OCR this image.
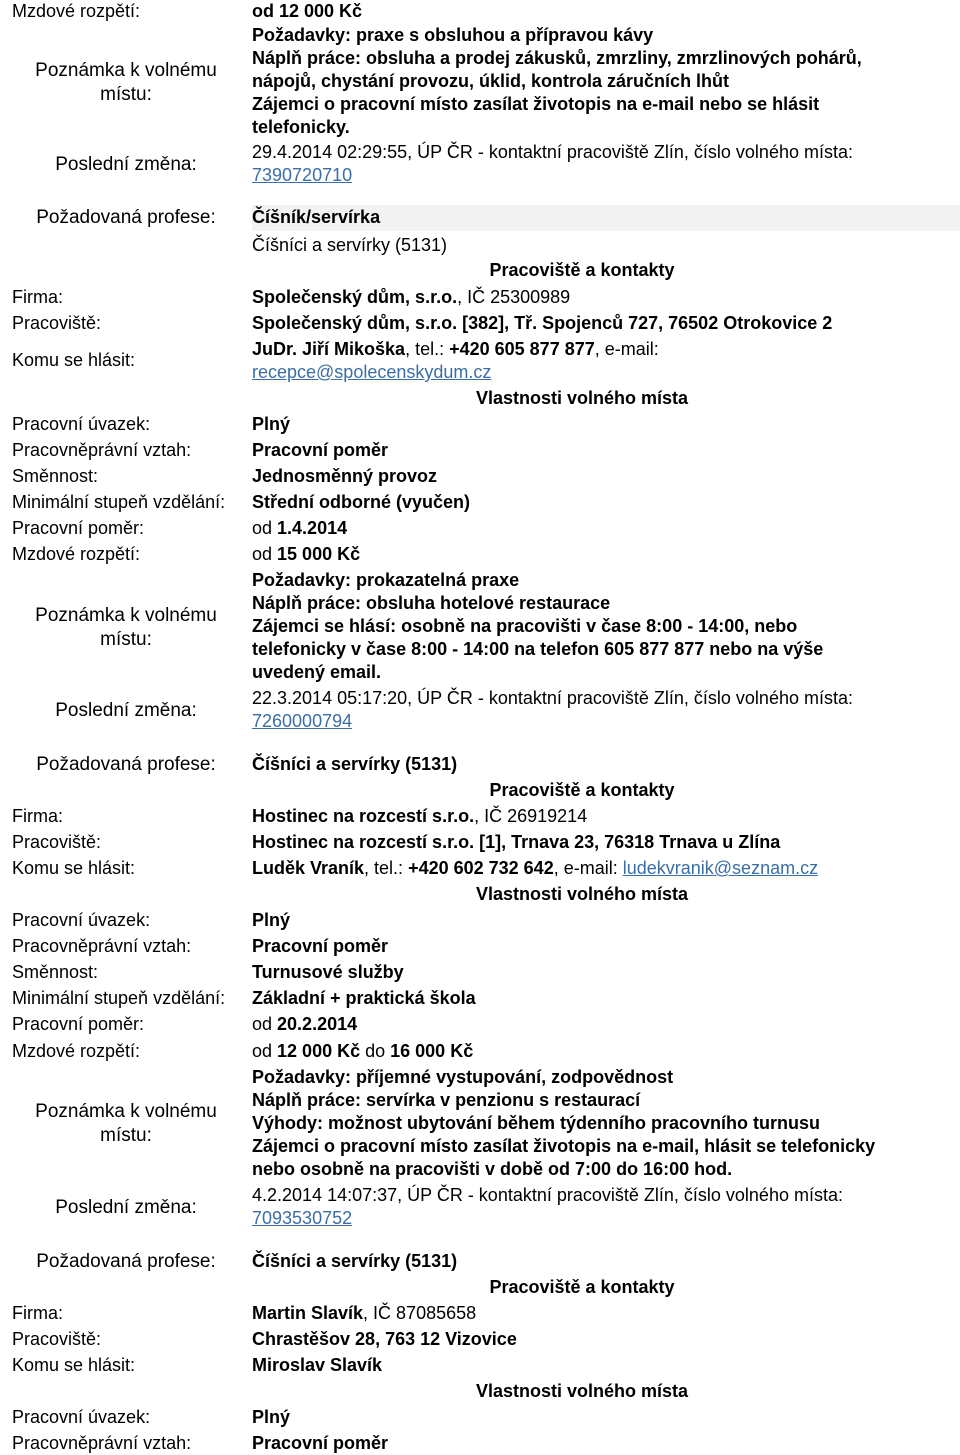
Mzdové rozpětí:	od 12 000 Kč
Poznámka k volnému
místu:
Požadavky: praxe s obsluhou a přípravou kávy
Náplň práce: obsluha a prodej zákusků, zmrzliny, zmrzlinových pohárů,
nápojů, chystání provozu, úklid, kontrola záručních lhůt
Zájemci o pracovní místo zasílat životopis na e-mail nebo se hlásit
telefonicky.
Poslední změna:
29.4.2014 02:29:55, ÚP ČR - kontaktní pracoviště Zlín, číslo volného místa:
7390720710
Požadovaná profese:	Číšník/servírka
Číšníci a servírky (5131)
Pracoviště a kontakty
Firma:	Společenský dům, s.r.o., IČ 25300989
Pracoviště:	Společenský dům, s.r.o. [382], Tř. Spojenců 727, 76502 Otrokovice 2
Komu se hlásit:
JuDr. Jiří Mikoška, tel.: +420 605 877 877, e-mail:
recepce@spolecenskydum.cz
Vlastnosti volného místa
Pracovní úvazek:	Plný
Pracovněprávní vztah:	Pracovní poměr
Směnnost:	Jednosměnný provoz
Minimální stupeň vzdělání: Střední odborné (vyučen)
Pracovní poměr:	od 1.4.2014
Mzdové rozpětí:	od 15 000 Kč
Poznámka k volnému
místu:
Požadavky: prokazatelná praxe
Náplň práce: obsluha hotelové restaurace
Zájemci se hlásí: osobně na pracovišti v čase 8:00 - 14:00, nebo
telefonicky v čase 8:00 - 14:00 na telefon 605 877 877 nebo na výše
uvedený email.
Poslední změna:
22.3.2014 05:17:20, ÚP ČR - kontaktní pracoviště Zlín, číslo volného místa:
7260000794
Požadovaná profese:	Číšníci a servírky (5131)
Pracoviště a kontakty
Firma:	Hostinec na rozcestí s.r.o., IČ 26919214
Pracoviště:	Hostinec na rozcestí s.r.o. [1], Trnava 23, 76318 Trnava u Zlína
Komu se hlásit:	Luděk Vraník, tel.: +420 602 732 642, e-mail: ludekvranik@seznam.cz
Vlastnosti volného místa
Pracovní úvazek:	Plný
Pracovněprávní vztah:	Pracovní poměr
Směnnost:	Turnusové služby
Minimální stupeň vzdělání: Základní + praktická škola
Pracovní poměr:	od 20.2.2014
Mzdové rozpětí:	od 12 000 Kč do 16 000 Kč
Poznámka k volnému
místu:
Požadavky: příjemné vystupování, zodpovědnost
Náplň práce: servírka v penzionu s restaurací
Výhody: možnost ubytování během týdenního pracovního turnusu
Zájemci o pracovní místo zasílat životopis na e-mail, hlásit se telefonicky
nebo osobně na pracovišti v době od 7:00 do 16:00 hod.
Poslední změna:
4.2.2014 14:07:37, ÚP ČR - kontaktní pracoviště Zlín, číslo volného místa:
7093530752
Požadovaná profese:	Číšníci a servírky (5131)
Pracoviště a kontakty
Firma:	Martin Slavík, IČ 87085658
Pracoviště:	Chrastěšov 28, 763 12 Vizovice
Komu se hlásit:	Miroslav Slavík
Vlastnosti volného místa
Pracovní úvazek:	Plný
Pracovněprávní vztah:	Pracovní poměr
